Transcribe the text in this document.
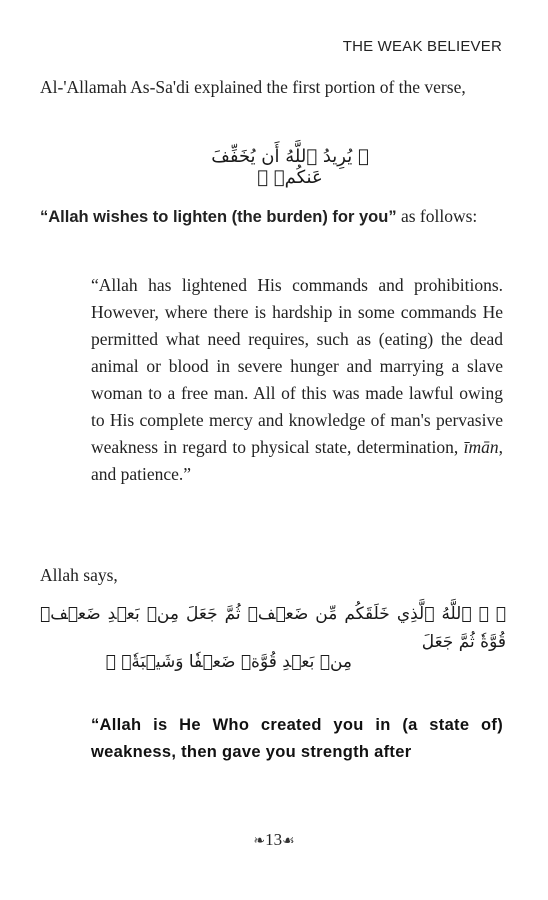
THE WEAK BELIEVER

Al-'Allamah As-Sa'di explained the first portion of the verse,

﴿ يُرِيدُ ٱللَّهُ أَن يُخَفِّفَ عَنكُمۡ ﴾

“Allah wishes to lighten (the burden) for you” as follows:

“Allah has lightened His commands and prohibitions. However, where there is hardship in some commands He permitted what need requires, such as (eating) the dead animal or blood in severe hunger and marrying a slave woman to a free man. All of this was made lawful owing to His complete mercy and knowledge of man's pervasive weakness in regard to physical state, determination, īmān, and patience.”

Allah says,

﴿ ۞ ٱللَّهُ ٱلَّذِي خَلَقَكُم مِّن ضَعۡفٖ ثُمَّ جَعَلَ مِنۢ بَعۡدِ ضَعۡفٖ قُوَّةٗ ثُمَّ جَعَلَ
مِنۢ بَعۡدِ قُوَّةٖ ضَعۡفٗا وَشَيۡبَةٗۚ ﴾

“Allah is He Who created you in (a state of) weakness, then gave you strength after

❧13☙
